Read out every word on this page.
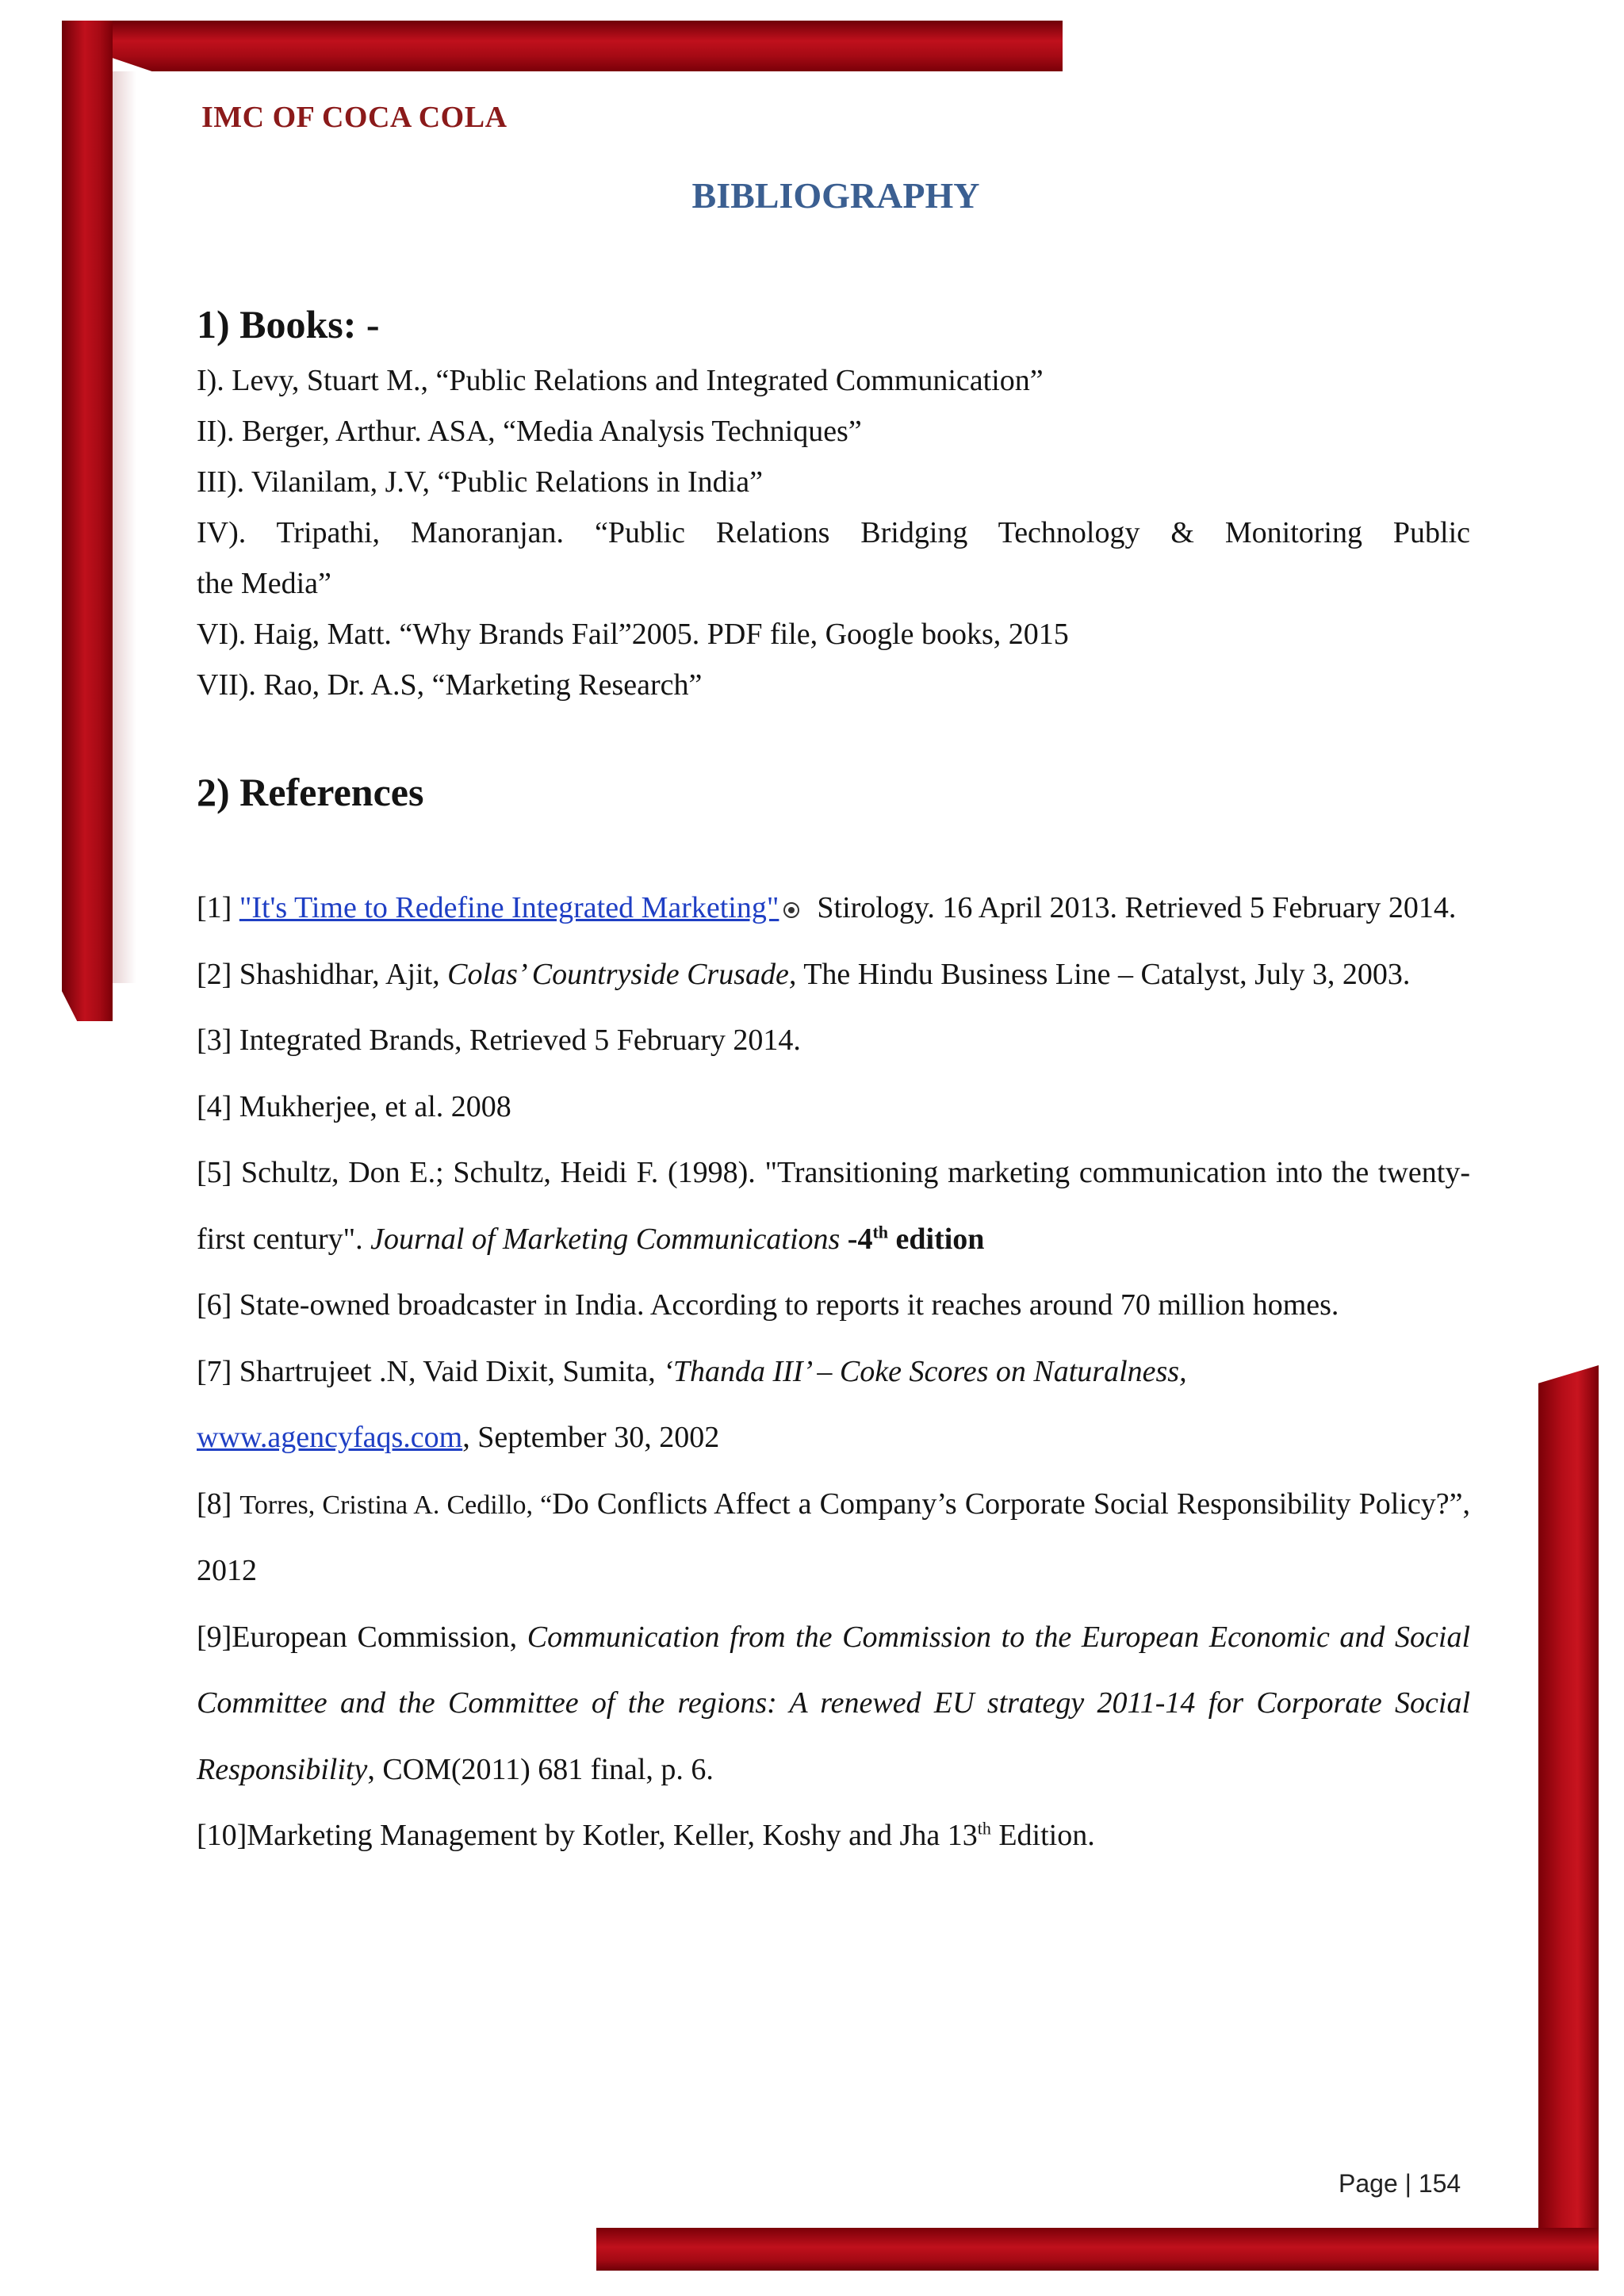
IMC OF COCA COLA
BIBLIOGRAPHY
1) Books: -

I). Levy, Stuart M., “Public Relations and Integrated Communication”

II). Berger, Arthur. ASA, “Media Analysis Techniques”

III). Vilanilam, J.V, “Public Relations in India”

IV). Tripathi, Manoranjan. “Public Relations Bridging Technology & Monitoring Public

the Media”

VI). Haig, Matt. “Why Brands Fail”2005. PDF file, Google books, 2015

VII). Rao, Dr. A.S, “Marketing Research”

2) References

[1] "It's Time to Redefine Integrated Marketing" Stirology. 16 April 2013. Retrieved 5 February 2014.

[2] Shashidhar, Ajit, Colas’ Countryside Crusade, The Hindu Business Line – Catalyst, July 3, 2003.

[3] Integrated Brands, Retrieved 5 February 2014.

[4] Mukherjee, et al. 2008

[5] Schultz, Don E.; Schultz, Heidi F. (1998). "Transitioning marketing communication into the twenty-first century". Journal of Marketing Communications -4th edition

[6] State-owned broadcaster in India. According to reports it reaches around 70 million homes.

[7] Shartrujeet .N, Vaid Dixit, Sumita, ‘Thanda III’ – Coke Scores on Naturalness,
www.agencyfaqs.com, September 30, 2002

[8] Torres, Cristina A. Cedillo, “Do Conflicts Affect a Company’s Corporate Social Responsibility Policy?”, 2012

[9]European Commission, Communication from the Commission to the European Economic and Social Committee and the Committee of the regions: A renewed EU strategy 2011-14 for Corporate Social Responsibility, COM(2011) 681 final, p. 6.

[10]Marketing Management by Kotler, Keller, Koshy and Jha 13th Edition.

Page | 154
